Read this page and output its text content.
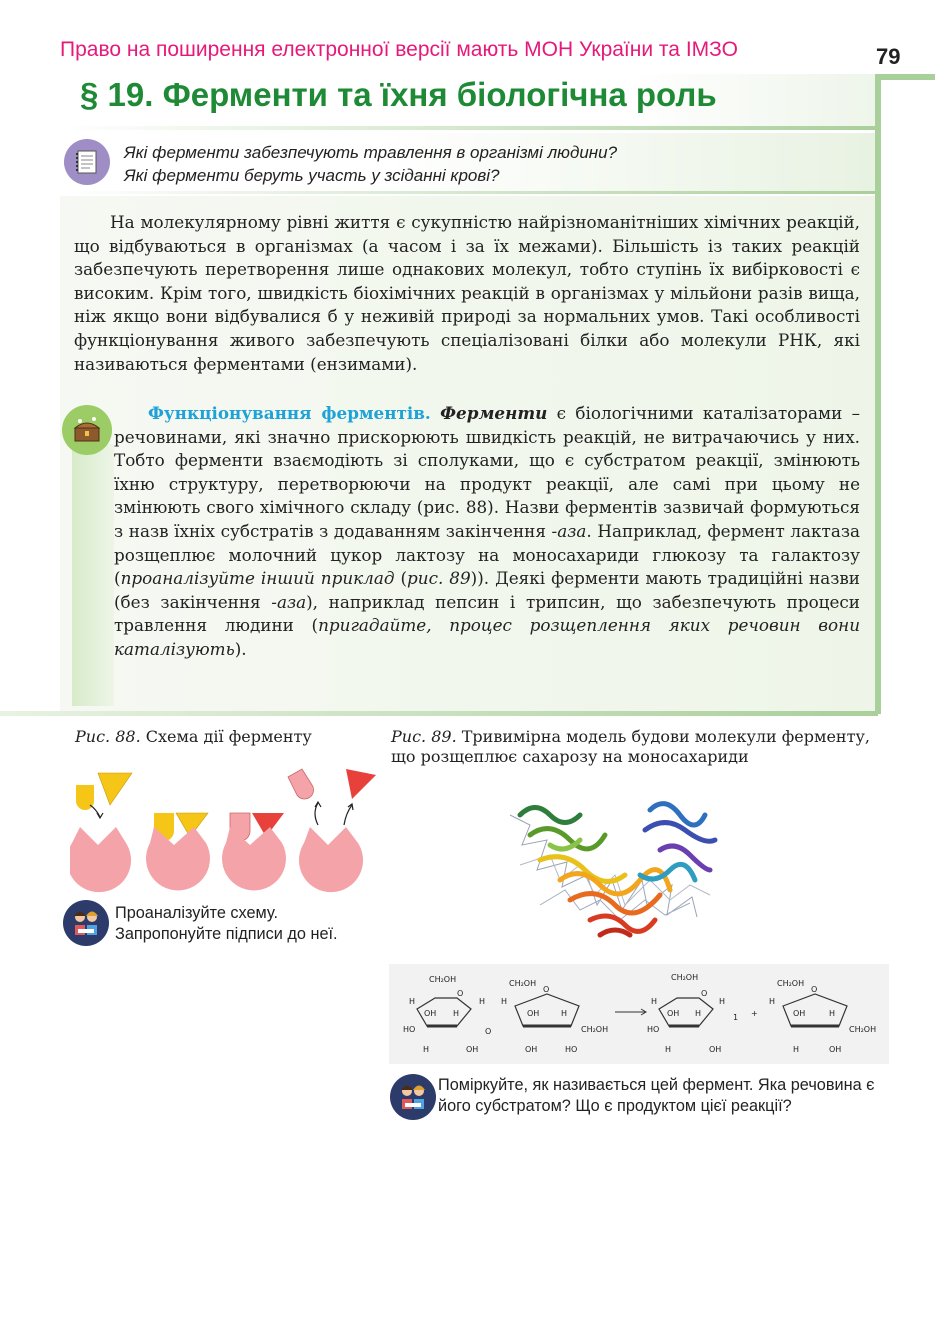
Право на поширення електронної версії мають МОН України та ІМЗО	79
§ 19. Ферменти та їхня біологічна роль
Які ферменти забезпечують травлення в організмі людини?
Які ферменти беруть участь у зсіданні крові?

На молекулярному рівні життя є сукупністю найрізноманітніших хімічних реакцій, що відбуваються в організмах (а часом і за їх межами). Більшість із таких реакцій забезпечують перетворення лише однакових молекул, тобто ступінь їх вибірковості є високим. Крім того, швидкість біохімічних реакцій в організмах у мільйони разів вища, ніж якщо вони відбувалися б у неживій природі за нормальних умов. Такі особливості функціонування живого забезпечують спеціалізовані білки або молекули РНК, які називаються ферментами (ензимами).

Функціонування ферментів. Ферменти є біологічними каталізаторами – речовинами, які значно прискорюють швидкість реакцій, не витрачаючись у них. Тобто ферменти взаємодіють зі сполуками, що є субстратом реакції, змінюють їхню структуру, перетворюючи на продукт реакції, але самі при цьому не змінюють свого хімічного складу (рис. 88). Назви ферментів зазвичай формуються з назв їхніх субстратів з додаванням закінчення -аза. Наприклад, фермент лактаза розщеплює молочний цукор лактозу на моносахариди глюкозу та галактозу (проаналізуйте інший приклад (рис. 89)). Деякі ферменти мають традиційні назви (без закінчення -аза), наприклад пепсин і трипсин, що забезпечують процеси травлення людини (пригадайте, процес розщеплення яких речовин вони каталізують).

Рис. 88. Схема дії ферменту	Рис. 89. Тривимірна модель будови молекули ферменту, що розщеплює сахарозу на моносахариди
Проаналізуйте схему.
Запропонуйте підписи до неї.
CH₂OH
O
H	H
OH H
HO
H	OH
O
CH₂OH
O
H
OH	H
CH₂OH
OH	HO
CH₂OH
O
H	H
1
OH H
HO
H	OH
+
CH₂OH
O
H
OH	H
CH₂OH
H	OH
Поміркуйте, як називається цей фермент. Яка речовина є його субстратом? Що є продуктом цієї реакції?
